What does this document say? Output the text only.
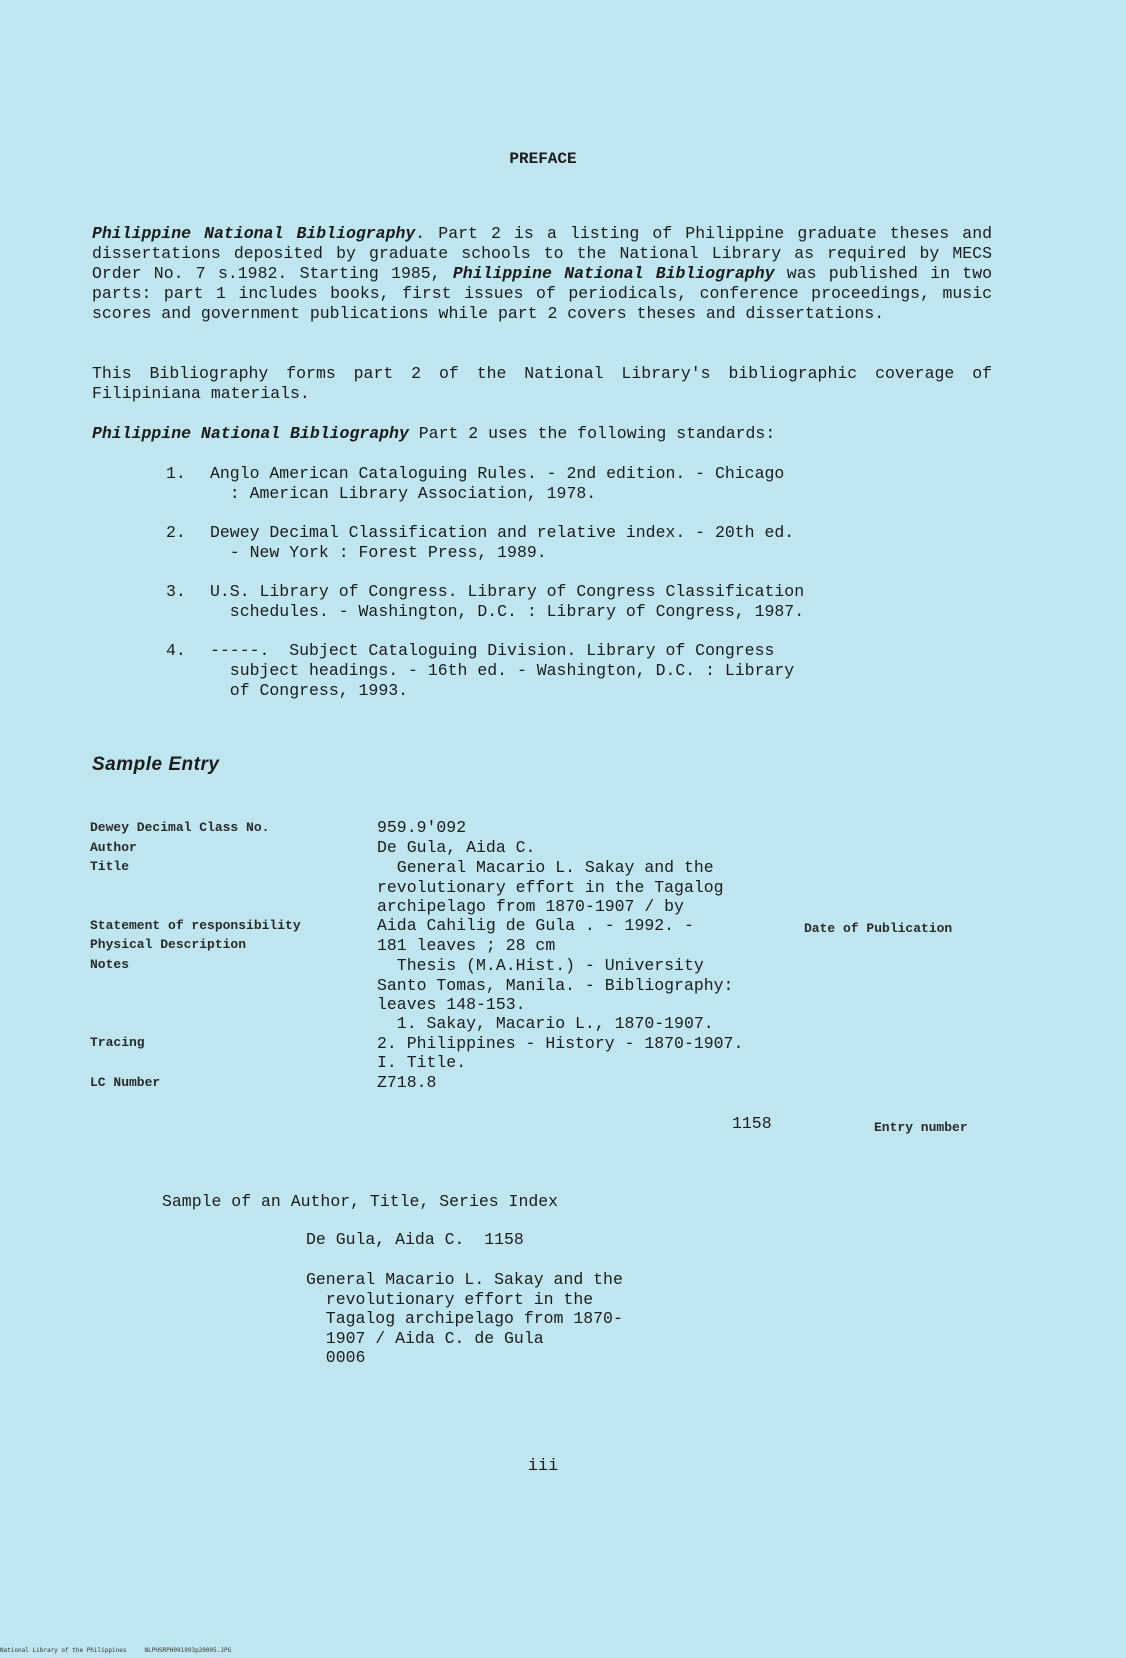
PREFACE
Philippine National Bibliography. Part 2 is a listing of Philippine graduate theses and dissertations deposited by graduate schools to the National Library as required by MECS Order No. 7 s.1982. Starting 1985, Philippine National Bibliography was published in two parts: part 1 includes books, first issues of periodicals, conference proceedings, music scores and government publications while part 2 covers theses and dissertations.
This Bibliography forms part 2 of the National Library's bibliographic coverage of Filipiniana materials.
Philippine National Bibliography Part 2 uses the following standards:

1.

Anglo American Cataloguing Rules. - 2nd edition. - Chicago
: American Library Association, 1978.

2.

Dewey Decimal Classification and relative index. - 20th ed.
- New York : Forest Press, 1989.

3.

U.S. Library of Congress. Library of Congress Classification
schedules. - Washington, D.C. : Library of Congress, 1987.

4.

-----.  Subject Cataloguing Division. Library of Congress
subject headings. - 16th ed. - Washington, D.C. : Library
of Congress, 1993.

Sample Entry
Dewey Decimal Class No.
Author
Title
Statement of responsibility
Physical Description
Notes
Tracing
LC Number
959.9'092
De Gula, Aida C.
General Macario L. Sakay and the
revolutionary effort in the Tagalog
archipelago from 1870-1907 / by
Aida Cahilig de Gula . - 1992. -
181 leaves ; 28 cm
Thesis (M.A.Hist.) - University
Santo Tomas, Manila. - Bibliography:
leaves 148-153.
1. Sakay, Macario L., 1870-1907.
2. Philippines - History - 1870-1907.
I. Title.
Z718.8
Date of Publication
1158	Entry number
Sample of an Author, Title, Series Index
De Gula, Aida C.  1158
General Macario L. Sakay and the
revolutionary effort in the
Tagalog archipelago from 1870-
1907 / Aida C. de Gula
0006
iii
National Library of the Philippines     NLPHSRPH091993p20005.JPG
